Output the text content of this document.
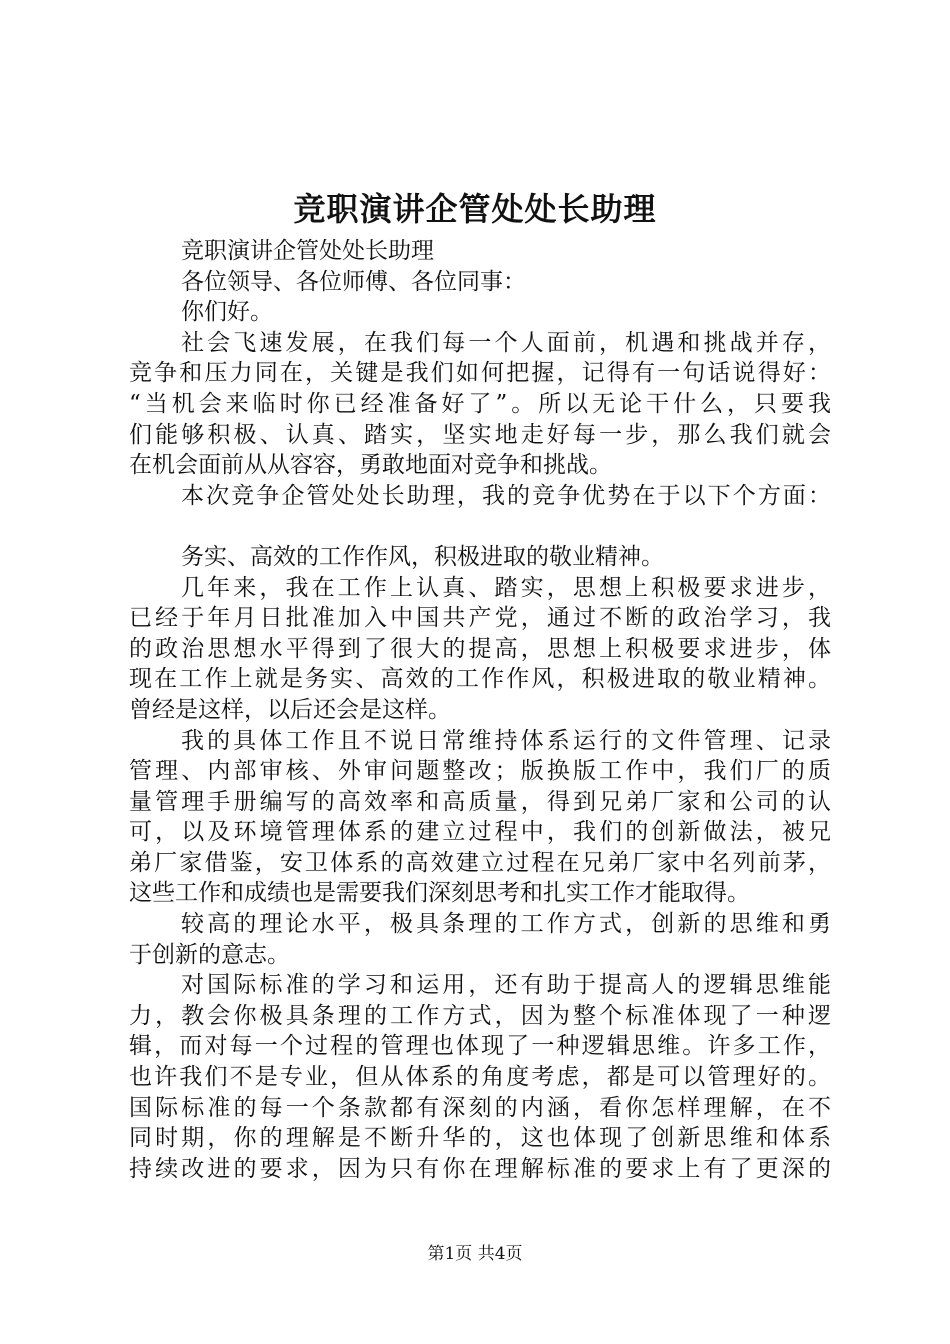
竞职演讲企管处处长助理
竞职演讲企管处处长助理
各位领导、各位师傅、各位同事：
你们好。
社会飞速发展，在我们每一个人面前，机遇和挑战并存，
竞争和压力同在，关键是我们如何把握，记得有一句话说得好：
“当机会来临时你已经准备好了”。所以无论干什么，只要我
们能够积极、认真、踏实，坚实地走好每一步，那么我们就会
在机会面前从从容容，勇敢地面对竞争和挑战。
本次竞争企管处处长助理，我的竞争优势在于以下个方面：
务实、高效的工作作风，积极进取的敬业精神。
几年来，我在工作上认真、踏实，思想上积极要求进步，
已经于年月日批准加入中国共产党，通过不断的政治学习，我
的政治思想水平得到了很大的提高，思想上积极要求进步，体
现在工作上就是务实、高效的工作作风，积极进取的敬业精神。
曾经是这样，以后还会是这样。
我的具体工作且不说日常维持体系运行的文件管理、记录
管理、内部审核、外审问题整改；版换版工作中，我们厂的质
量管理手册编写的高效率和高质量，得到兄弟厂家和公司的认
可，以及环境管理体系的建立过程中，我们的创新做法，被兄
弟厂家借鉴，安卫体系的高效建立过程在兄弟厂家中名列前茅，
这些工作和成绩也是需要我们深刻思考和扎实工作才能取得。
较高的理论水平，极具条理的工作方式，创新的思维和勇
于创新的意志。
对国际标准的学习和运用，还有助于提高人的逻辑思维能
力，教会你极具条理的工作方式，因为整个标准体现了一种逻
辑，而对每一个过程的管理也体现了一种逻辑思维。许多工作，
也许我们不是专业，但从体系的角度考虑，都是可以管理好的。
国际标准的每一个条款都有深刻的内涵，看你怎样理解，在不
同时期，你的理解是不断升华的，这也体现了创新思维和体系
持续改进的要求，因为只有你在理解标准的要求上有了更深的
第1页 共4页
